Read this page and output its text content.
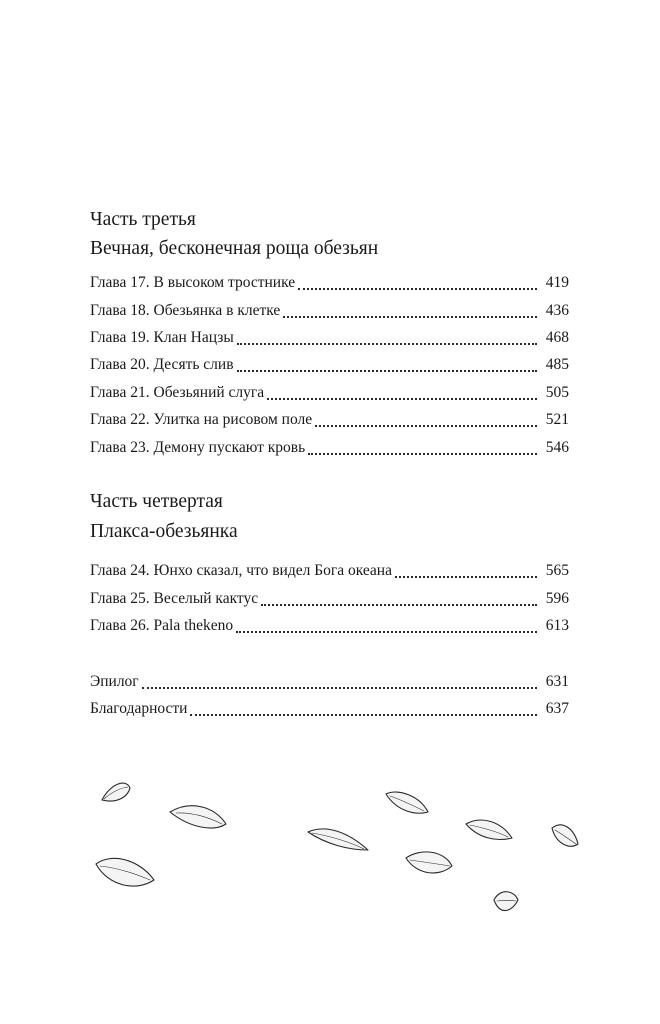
Часть третья
Вечная, бесконечная роща обезьян
Глава 17. В высоком тростнике	419
Глава 18. Обезьянка в клетке	436
Глава 19. Клан Нацзы	468
Глава 20. Десять слив	485
Глава 21. Обезьяний слуга	505
Глава 22. Улитка на рисовом поле	521
Глава 23. Демону пускают кровь	546
Часть четвертая
Плакса-обезьянка
Глава 24. Юнхо сказал, что видел Бога океана	565
Глава 25. Веселый кактус	596
Глава 26. Pala thekeno	613
Эпилог	631
Благодарности	637
